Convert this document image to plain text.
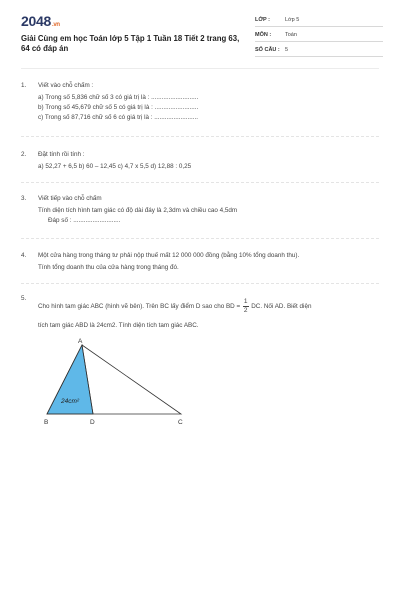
2048.vn
Giải Cùng em học Toán lớp 5 Tập 1 Tuần 18 Tiết 2 trang 63, 64 có đáp án
LỚP :	Lớp 5
MÔN :	Toán
SỐ CÂU : 5
1. Viết vào chỗ chấm :
a) Trong số 5,836 chữ số 3 có giá trị là : ...........................
b) Trong số 45,679 chữ số 5 có giá trị là : .........................
c) Trong số 87,716 chữ số 6 có giá trị là : .........................
2. Đặt tính rồi tính :
a) 52,27 + 6,5 b) 60 – 12,45 c) 4,7 x 5,5 d) 12,88 : 0,25
3. Viết tiếp vào chỗ chấm
Tính diện tích hình tam giác có độ dài đáy là 2,3dm và chiều cao 4,5dm
Đáp số : ...........................
4. Một cửa hàng trong tháng tư phải nộp thuế mất 12 000 000 đồng (bằng 10% tổng doanh thu).
Tính tổng doanh thu của cửa hàng trong tháng đó.
5.
Cho hình tam giác ABC (hình vẽ bên). Trên BC lấy điểm D sao cho BD = $\frac{1}{2}$ DC. Nối AD. Biết diện
tích tam giác ABD là 24cm2. Tính diện tích tam giác ABC.
A
B	D	C
24cm²
